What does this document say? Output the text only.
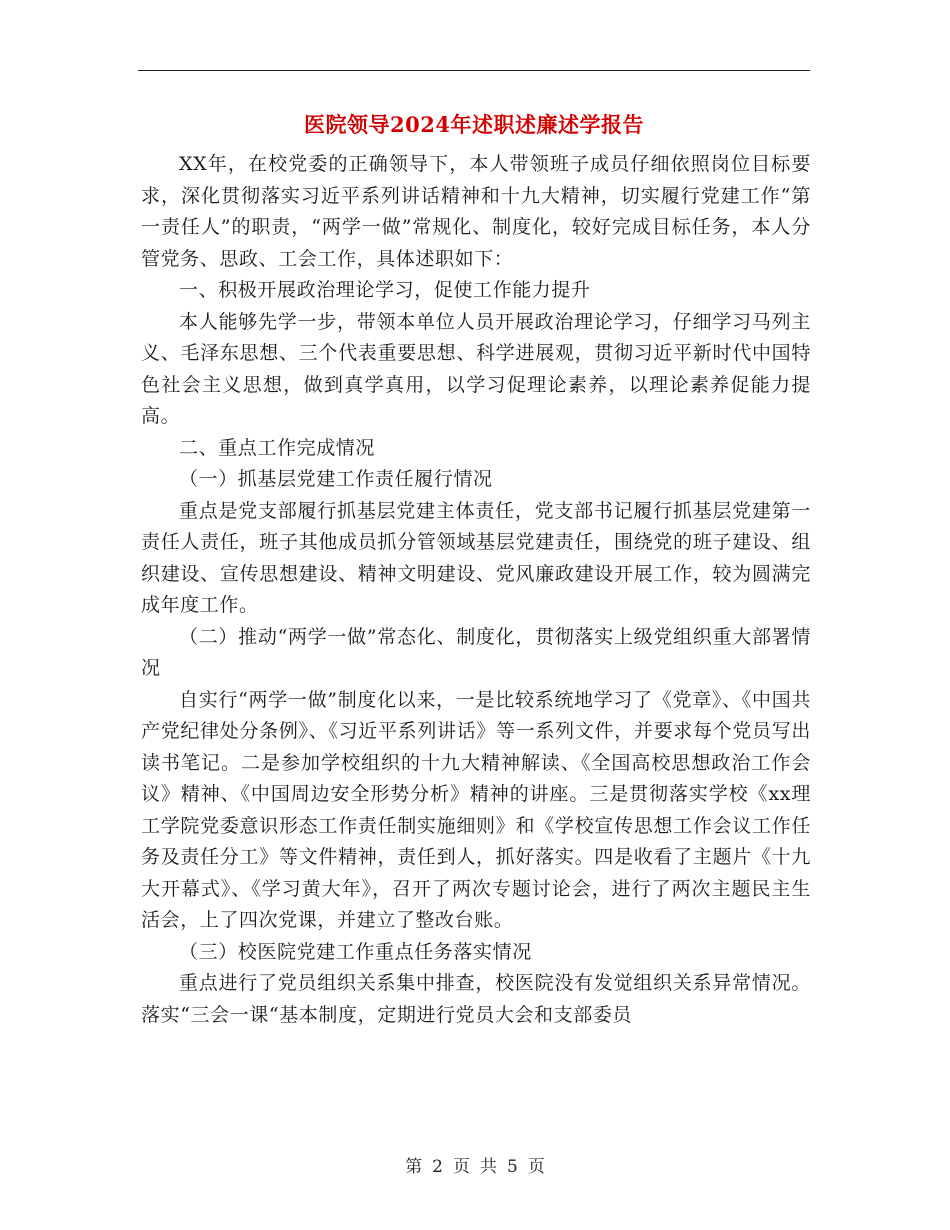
医院领导2024年述职述廉述学报告

XX年，在校党委的正确领导下，本人带领班子成员仔细依照岗位目标要求，深化贯彻落实习近平系列讲话精神和十九大精神，切实履行党建工作“第一责任人”的职责，“两学一做”常规化、制度化，较好完成目标任务，本人分管党务、思政、工会工作，具体述职如下：

一、积极开展政治理论学习，促使工作能力提升

本人能够先学一步，带领本单位人员开展政治理论学习，仔细学习马列主义、毛泽东思想、三个代表重要思想、科学进展观，贯彻习近平新时代中国特色社会主义思想，做到真学真用，以学习促理论素养，以理论素养促能力提高。

二、重点工作完成情况

（一）抓基层党建工作责任履行情况

重点是党支部履行抓基层党建主体责任，党支部书记履行抓基层党建第一责任人责任，班子其他成员抓分管领域基层党建责任，围绕党的班子建设、组织建设、宣传思想建设、精神文明建设、党风廉政建设开展工作，较为圆满完成年度工作。

（二）推动“两学一做”常态化、制度化，贯彻落实上级党组织重大部署情况

自实行“两学一做”制度化以来，一是比较系统地学习了《党章》、《中国共产党纪律处分条例》、《习近平系列讲话》等一系列文件，并要求每个党员写出读书笔记。二是参加学校组织的十九大精神解读、《全国高校思想政治工作会议》精神、《中国周边安全形势分析》精神的讲座。三是贯彻落实学校《xx理工学院党委意识形态工作责任制实施细则》和《学校宣传思想工作会议工作任务及责任分工》等文件精神，责任到人，抓好落实。四是收看了主题片《十九大开幕式》、《学习黄大年》，召开了两次专题讨论会，进行了两次主题民主生活会，上了四次党课，并建立了整改台账。

（三）校医院党建工作重点任务落实情况

重点进行了党员组织关系集中排查，校医院没有发觉组织关系异常情况。落实“三会一课“基本制度，定期进行党员大会和支部委员

第 2 页 共 5 页
